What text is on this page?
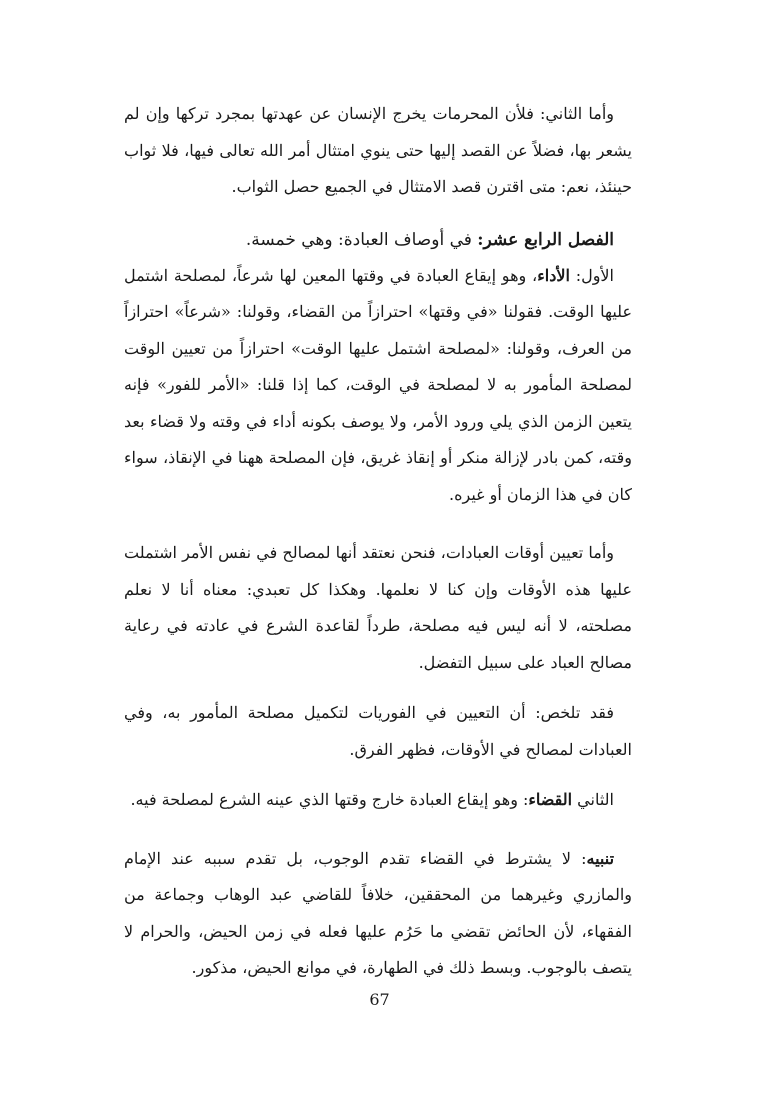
وأما الثاني: فلأن المحرمات يخرج الإنسان عن عهدتها بمجرد تركها وإن لم يشعر بها، فضلاً عن القصد إليها حتى ينوي امتثال أمر الله تعالى فيها، فلا ثواب حينئذ، نعم: متى اقترن قصد الامتثال في الجميع حصل الثواب.

الفصل الرابع عشر: في أوصاف العبادة: وهي خمسة.

الأول: الأداء، وهو إيقاع العبادة في وقتها المعين لها شرعاً، لمصلحة اشتمل عليها الوقت. فقولنا «في وقتها» احترازاً من القضاء، وقولنا: «شرعاً» احترازاً من العرف، وقولنا: «لمصلحة اشتمل عليها الوقت» احترازاً من تعيين الوقت لمصلحة المأمور به لا لمصلحة في الوقت، كما إذا قلنا: «الأمر للفور» فإنه يتعين الزمن الذي يلي ورود الأمر، ولا يوصف بكونه أداء في وقته ولا قضاء بعد وقته، كمن بادر لإزالة منكر أو إنقاذ غريق، فإن المصلحة ههنا في الإنقاذ، سواء كان في هذا الزمان أو غيره.

وأما تعيين أوقات العبادات، فنحن نعتقد أنها لمصالح في نفس الأمر اشتملت عليها هذه الأوقات وإن كنا لا نعلمها. وهكذا كل تعبدي: معناه أنا لا نعلم مصلحته، لا أنه ليس فيه مصلحة، طرداً لقاعدة الشرع في عادته في رعاية مصالح العباد على سبيل التفضل.

فقد تلخص: أن التعيين في الفوريات لتكميل مصلحة المأمور به، وفي العبادات لمصالح في الأوقات، فظهر الفرق.

الثاني القضاء: وهو إيقاع العبادة خارج وقتها الذي عينه الشرع لمصلحة فيه.

تنبيه: لا يشترط في القضاء تقدم الوجوب، بل تقدم سببه عند الإمام والمازري وغيرهما من المحققين، خلافاً للقاضي عبد الوهاب وجماعة من الفقهاء، لأن الحائض تقضي ما حَرُم عليها فعله في زمن الحيض، والحرام لا يتصف بالوجوب. وبسط ذلك في الطهارة، في موانع الحيض، مذكور.

67
